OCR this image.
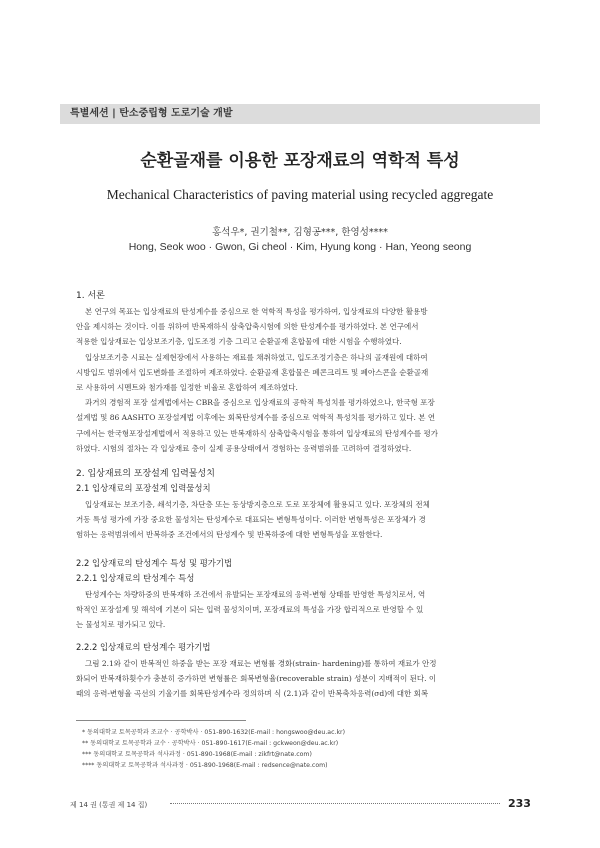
특별세션 | 탄소중립형 도로기술 개발
순환골재를 이용한 포장재료의 역학적 특성
Mechanical Characteristics of paving material using recycled aggregate
홍석우*, 권기철**, 김형공***, 한영성****
Hong, Seok woo · Gwon, Gi cheol · Kim, Hyung kong · Han, Yeong seong
1. 서론
본 연구의 목표는 입상재료의 탄성계수를 중심으로 한 역학적 특성을 평가하여, 입상재료의 다양한 활용방
안을 제시하는 것이다. 이를 위하여 반복재하식 삼축압축시험에 의한 탄성계수를 평가하였다. 본 연구에서
적용한 입상재료는 입상보조기층, 입도조정 기층 그리고 순환골재 혼합물에 대한 시험을 수행하였다.
입상보조기층 시료는 실제현장에서 사용하는 재료를 채취하였고, 입도조정기층은 하나의 골재원에 대하여
시방입도 범위에서 입도변화를 조절하여 제조하였다. 순환골재 혼합물은 폐콘크리트 및 폐아스콘을 순환골재
로 사용하여 시멘트와 첨가재를 일정한 비율로 혼합하여 제조하였다.
과거의 경험적 포장 설계법에서는 CBR을 중심으로 입상재료의 공학적 특성치를 평가하였으나, 한국형 포장
설계법 및 86 AASHTO 포장설계법 이후에는 회복탄성계수를 중심으로 역학적 특성치를 평가하고 있다. 본 연
구에서는 한국형포장설계법에서 적용하고 있는 반복재하식 삼축압축시험을 통하여 입상재료의 탄성계수를 평가
하였다. 시험의 절차는 각 입상재료 층이 실제 공용상태에서 경험하는 응력범위를 고려하여 결정하였다.
2. 입상재료의 포장설계 입력물성치
2.1 입상재료의 포장설계 입력물성치
입상재료는 보조기층, 쇄석기층, 차단층 또는 동상방지층으로 도로 포장체에 활용되고 있다. 포장체의 전체
거동 특성 평가에 가장 중요한 물성치는 탄성계수로 대표되는 변형특성이다. 이러한 변형특성은 포장체가 경
험하는 응력범위에서 반복하중 조건에서의 탄성계수 및 반복하중에 대한 변형특성을 포함한다.
2.2 입상재료의 탄성계수 특성 및 평가기법
2.2.1 입상재료의 탄성계수 특성
탄성계수는 차량하중의 반복재하 조건에서 유발되는 포장재료의 응력-변형 상태를 반영한 특성치로서, 역
학적인 포장설계 및 해석에 기본이 되는 입력 물성치이며, 포장재료의 특성을 가장 합리적으로 반영할 수 있
는 물성치로 평가되고 있다.
2.2.2 입상재료의 탄성계수 평가기법
그림 2.1와 같이 반복적인 하중을 받는 포장 재료는 변형률 경화(strain- hardening)를 통하여 재료가 안정
화되어 반복재하횟수가 충분히 증가하면 변형률은 회복변형율(recoverable strain) 성분이 지배적이 된다. 이
때의 응력-변형율 곡선의 기울기를 회복탄성계수라 정의하며 식 (2.1)과 같이 반복축차응력(σd)에 대한 회복
* 동의대학교 토목공학과 조교수 · 공학박사 · 051-890-1632(E-mail : hongswoo@deu.ac.kr)
** 동의대학교 토목공학과 교수 · 공학박사 · 051-890-1617(E-mail : gckweon@deu.ac.kr)
*** 동의대학교 토목공학과 석사과정 · 051-890-1968(E-mail : zikfrt@nate.com)
**** 동의대학교 토목공학과 석사과정 · 051-890-1968(E-mail : redsence@nate.com)
제 14 권 (통권 제 14 집)	233
